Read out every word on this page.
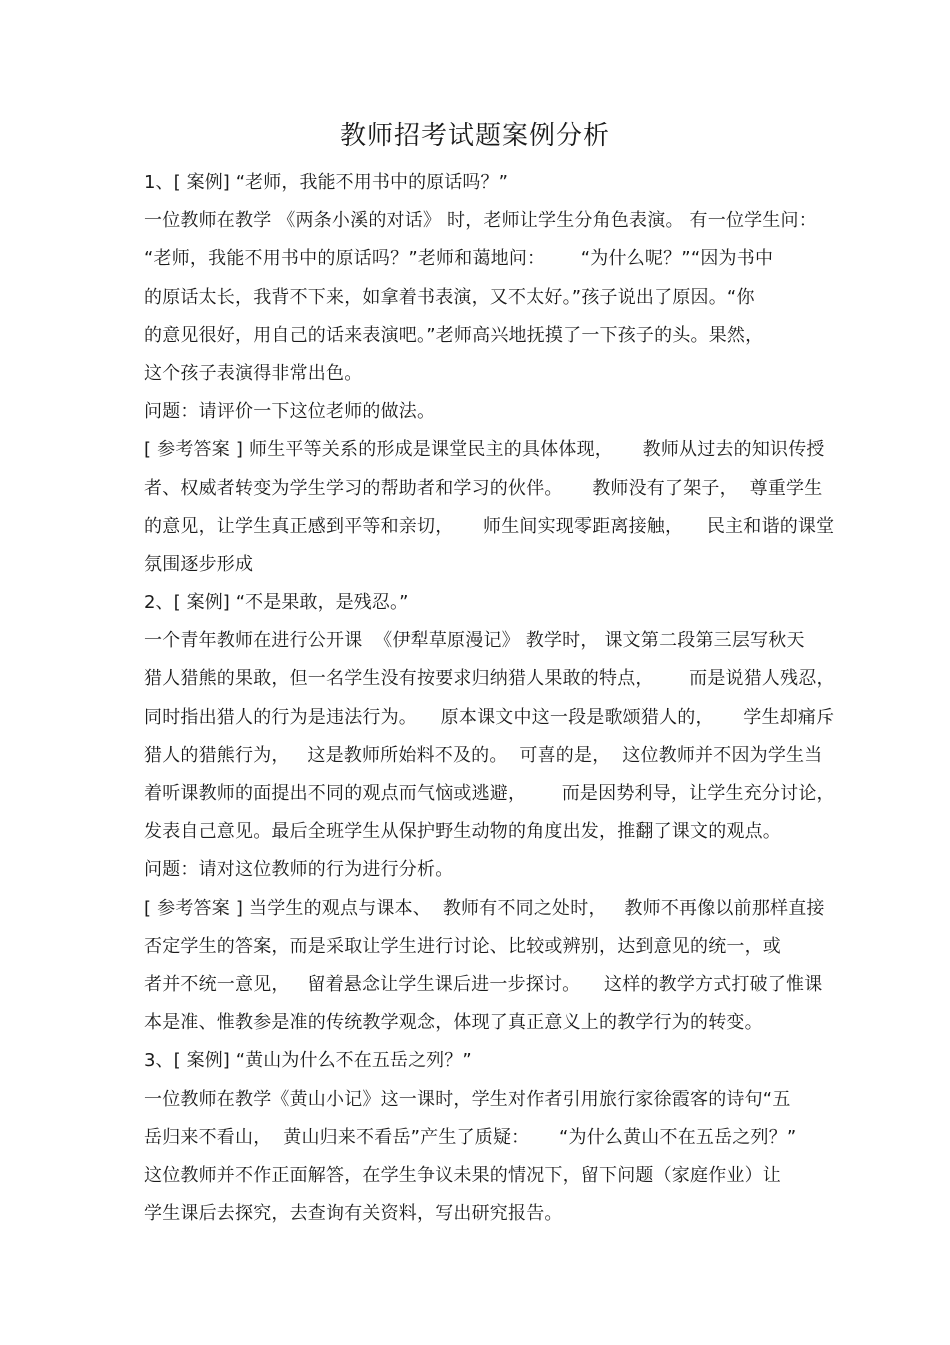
教师招考试题案例分析
1、[ 案例] “老师，我能不用书中的原话吗？”
一位教师在教学 《两条小溪的对话》 时，老师让学生分角色表演。 有一位学生问：
“老师，我能不用书中的原话吗？”老师和蔼地问：      “为什么呢？”“因为书中
的原话太长，我背不下来，如拿着书表演，又不太好。”孩子说出了原因。“你
的意见很好，用自己的话来表演吧。”老师高兴地抚摸了一下孩子的头。果然，
这个孩子表演得非常出色。
问题：请评价一下这位老师的做法。
[ 参考答案 ] 师生平等关系的形成是课堂民主的具体体现，     教师从过去的知识传授
者、权威者转变为学生学习的帮助者和学习的伙伴。     教师没有了架子，  尊重学生
的意见，让学生真正感到平等和亲切，     师生间实现零距离接触，    民主和谐的课堂
氛围逐步形成
2、[ 案例] “不是果敢，是残忍。”
一个青年教师在进行公开课  《伊犁草原漫记》 教学时， 课文第二段第三层写秋天
猎人猎熊的果敢，但一名学生没有按要求归纳猎人果敢的特点，      而是说猎人残忍，
同时指出猎人的行为是违法行为。    原本课文中这一段是歌颂猎人的，     学生却痛斥
猎人的猎熊行为，   这是教师所始料不及的。  可喜的是，  这位教师并不因为学生当
着听课教师的面提出不同的观点而气恼或逃避，      而是因势利导，让学生充分讨论，
发表自己意见。最后全班学生从保护野生动物的角度出发，推翻了课文的观点。
问题：请对这位教师的行为进行分析。
[ 参考答案 ] 当学生的观点与课本、  教师有不同之处时，   教师不再像以前那样直接
否定学生的答案，而是采取让学生进行讨论、比较或辨别，达到意见的统一，或
者并不统一意见，   留着悬念让学生课后进一步探讨。    这样的教学方式打破了惟课
本是准、惟教参是准的传统教学观念，体现了真正意义上的教学行为的转变。
3、[ 案例] “黄山为什么不在五岳之列？”
一位教师在教学《黄山小记》这一课时，学生对作者引用旅行家徐霞客的诗句“五
岳归来不看山，  黄山归来不看岳”产生了质疑：     “为什么黄山不在五岳之列？”
这位教师并不作正面解答，在学生争议未果的情况下，留下问题（家庭作业）让
学生课后去探究，去查询有关资料，写出研究报告。
